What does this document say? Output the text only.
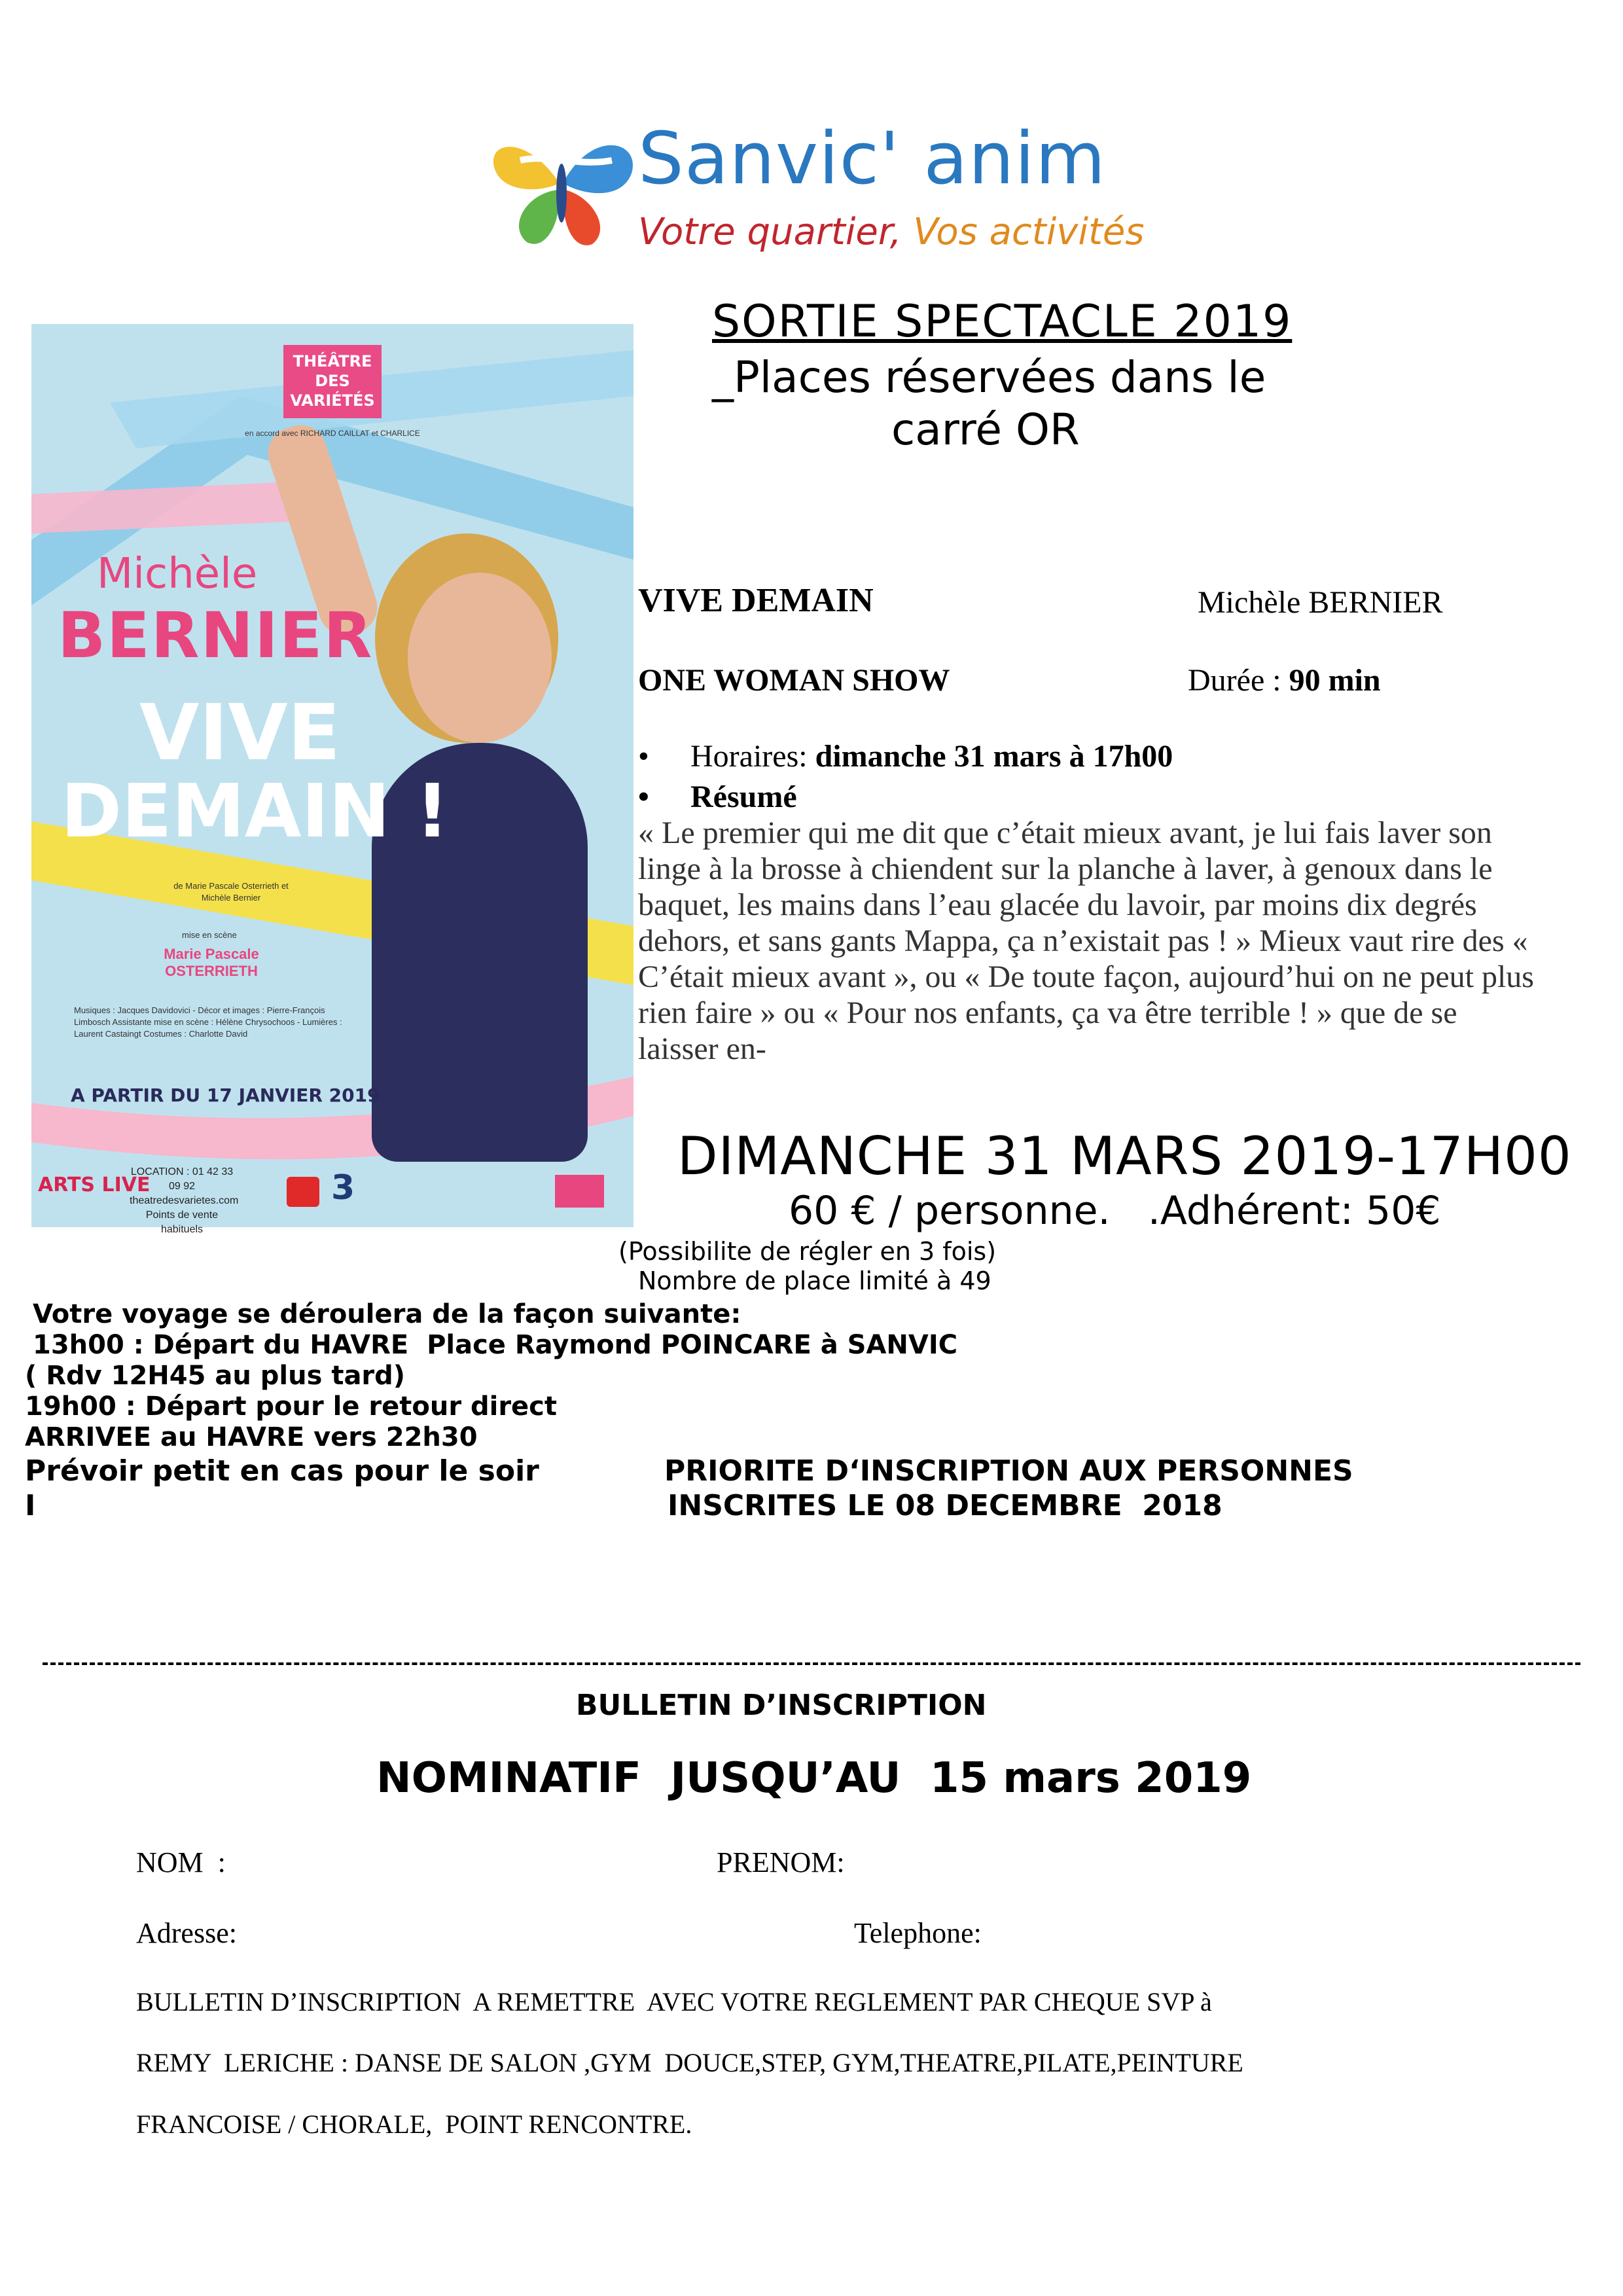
Sanvic' anim
Votre quartier, Vos activités
THÉÂTRE DES VARIÉTÉS
en accord avec RICHARD CAILLAT et CHARLICE
Michèle
BERNIER
VIVE
DEMAIN !
de Marie Pascale Osterrieth et Michèle Bernier
mise en scène
Marie Pascale OSTERRIETH
Musiques : Jacques Davidovici - Décor et images : Pierre-François Limbosch Assistante mise en scène : Hélène Chrysochoos - Lumières : Laurent Castaingt Costumes : Charlotte David
A PARTIR DU 17 JANVIER 2019
ARTS LIVE
LOCATION : 01 42 33 09 92 theatredesvarietes.com Points de vente habituels
3
SORTIE SPECTACLE 2019
_Places réservées dans le
carré OR
VIVE DEMAIN	Michèle BERNIER
ONE WOMAN SHOW	Durée : 90 min
• Horaires: dimanche 31 mars à 17h00
• Résumé
« Le premier qui me dit que c’était mieux avant, je lui fais laver son linge à la brosse à chiendent sur la planche à laver, à genoux dans le baquet, les mains dans l’eau glacée du lavoir, par moins dix degrés dehors, et sans gants Mappa, ça n’existait pas ! » Mieux vaut rire des « C’était mieux avant », ou « De toute façon, aujourd’hui on ne peut plus rien faire » ou « Pour nos enfants, ça va être terrible ! » que de se laisser en-
DIMANCHE 31 MARS 2019-17H00
60 € / personne.   .Adhérent: 50€
(Possibilite de régler en 3 fois)
Nombre de place limité à 49
Votre voyage se déroulera de la façon suivante:
13h00 : Départ du HAVRE  Place Raymond POINCARE à SANVIC
( Rdv 12H45 au plus tard)
19h00 : Départ pour le retour direct
ARRIVEE au HAVRE vers 22h30
Prévoir petit en cas pour le soir
I
PRIORITE D‘INSCRIPTION AUX PERSONNES
INSCRITES LE 08 DECEMBRE  2018
BULLETIN D’INSCRIPTION
NOMINATIF  JUSQU’AU  15 mars 2019
NOM  :	PRENOM:
Adresse:	Telephone:
BULLETIN D’INSCRIPTION  A REMETTRE  AVEC VOTRE REGLEMENT PAR CHEQUE SVP à
REMY  LERICHE : DANSE DE SALON ,GYM  DOUCE,STEP, GYM,THEATRE,PILATE,PEINTURE
FRANCOISE / CHORALE,  POINT RENCONTRE.
